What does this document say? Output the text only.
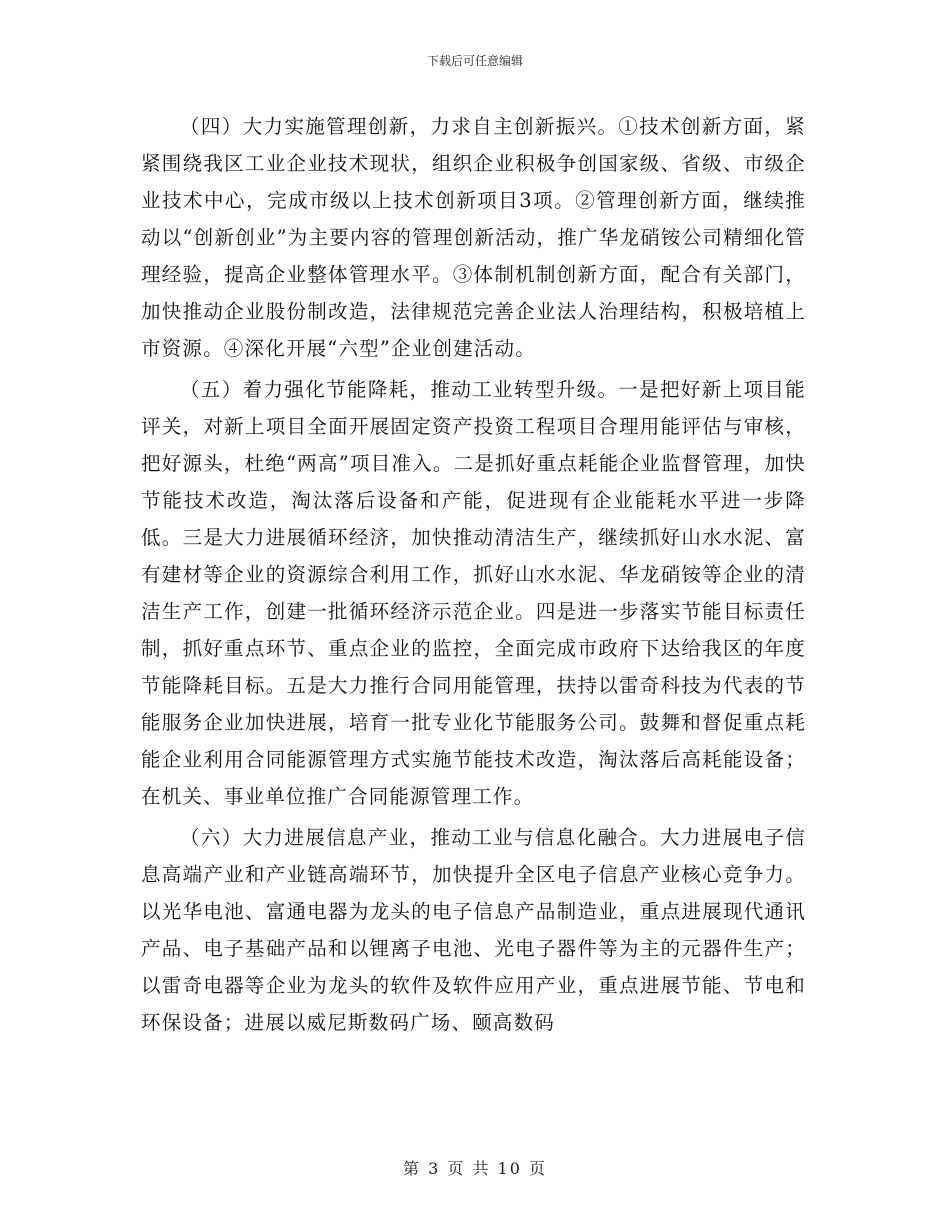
下载后可任意编辑

（四）大力实施管理创新，力求自主创新振兴。①技术创新方面，紧紧围绕我区工业企业技术现状，组织企业积极争创国家级、省级、市级企业技术中心，完成市级以上技术创新项目3项。②管理创新方面，继续推动以“创新创业”为主要内容的管理创新活动，推广华龙硝铵公司精细化管理经验，提高企业整体管理水平。③体制机制创新方面，配合有关部门，加快推动企业股份制改造，法律规范完善企业法人治理结构，积极培植上市资源。④深化开展“六型”企业创建活动。

（五）着力强化节能降耗，推动工业转型升级。一是把好新上项目能评关，对新上项目全面开展固定资产投资工程项目合理用能评估与审核，把好源头，杜绝“两高”项目准入。二是抓好重点耗能企业监督管理，加快节能技术改造，淘汰落后设备和产能，促进现有企业能耗水平进一步降低。三是大力进展循环经济，加快推动清洁生产，继续抓好山水水泥、富有建材等企业的资源综合利用工作，抓好山水水泥、华龙硝铵等企业的清洁生产工作，创建一批循环经济示范企业。四是进一步落实节能目标责任制，抓好重点环节、重点企业的监控，全面完成市政府下达给我区的年度节能降耗目标。五是大力推行合同用能管理，扶持以雷奇科技为代表的节能服务企业加快进展，培育一批专业化节能服务公司。鼓舞和督促重点耗能企业利用合同能源管理方式实施节能技术改造，淘汰落后高耗能设备；在机关、事业单位推广合同能源管理工作。

（六）大力进展信息产业，推动工业与信息化融合。大力进展电子信息高端产业和产业链高端环节，加快提升全区电子信息产业核心竞争力。以光华电池、富通电器为龙头的电子信息产品制造业，重点进展现代通讯产品、电子基础产品和以锂离子电池、光电子器件等为主的元器件生产；以雷奇电器等企业为龙头的软件及软件应用产业，重点进展节能、节电和环保设备；进展以威尼斯数码广场、颐高数码

第 3 页 共 10 页
